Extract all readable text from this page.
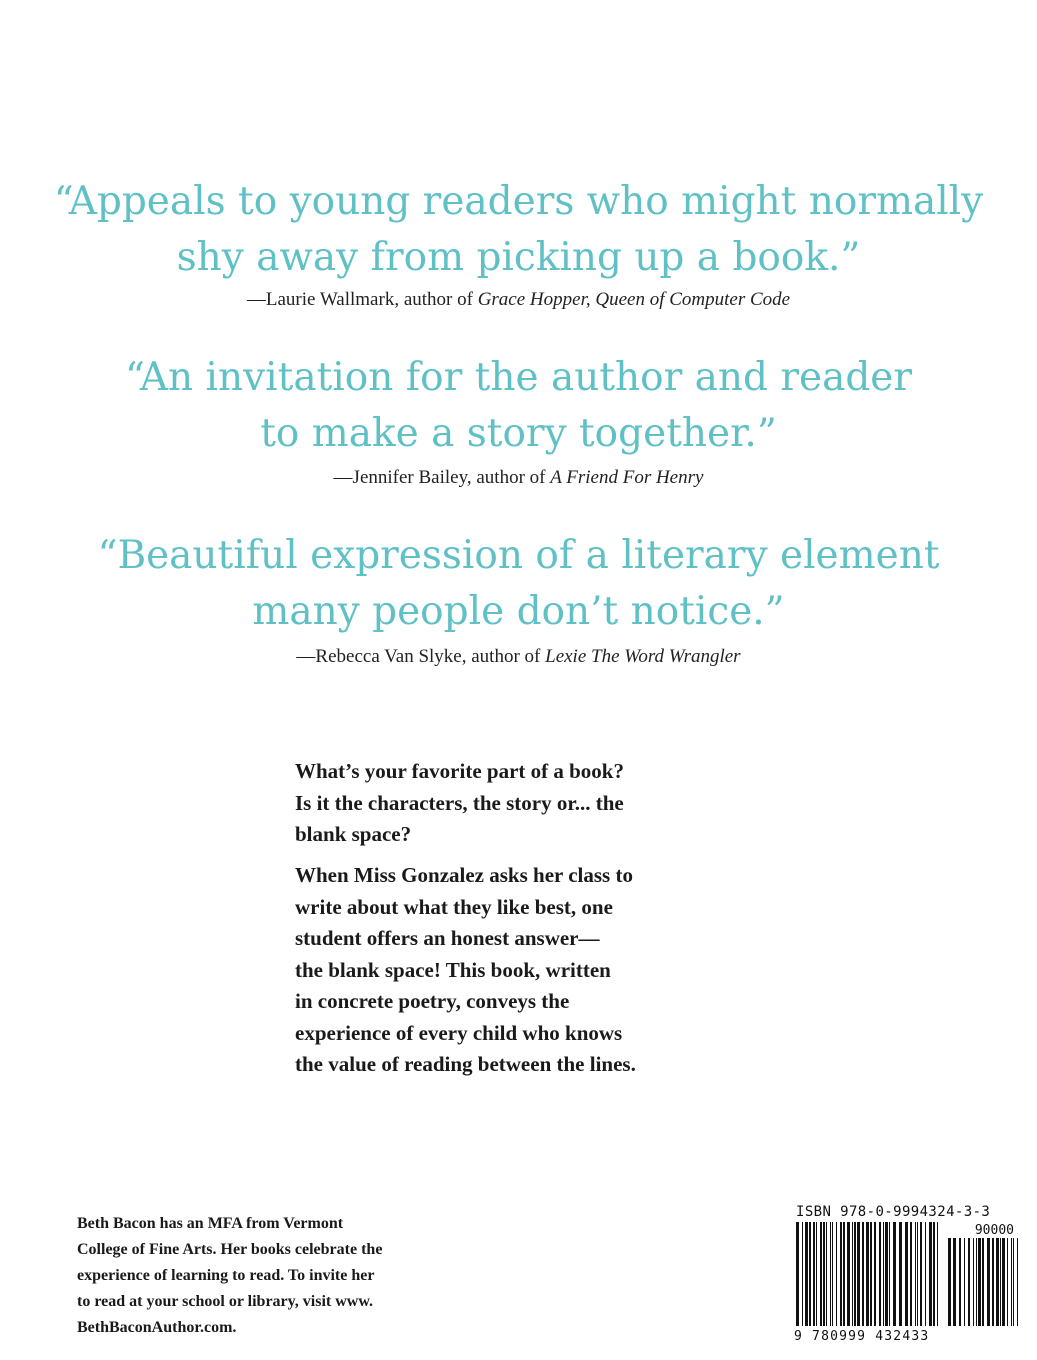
“Appeals to young readers who might normally

shy away from picking up a book.”

—Laurie Wallmark, author of Grace Hopper, Queen of Computer Code

“An invitation for the author and reader

to make a story together.”

—Jennifer Bailey, author of A Friend For Henry

“Beautiful expression of a literary element

many people don’t notice.”

—Rebecca Van Slyke, author of Lexie The Word Wrangler

What’s your favorite part of a book?
Is it the characters, the story or... the
blank space?
When Miss Gonzalez asks her class to
write about what they like best, one
student offers an honest answer—
the blank space! This book, written
in concrete poetry, conveys the
experience of every child who knows
the value of reading between the lines.
Beth Bacon has an MFA from Vermont
College of Fine Arts. Her books celebrate the
experience of learning to read. To invite her
to read at your school or library, visit www.
BethBaconAuthor.com.
ISBN 978-0-9994324-3-3
90000
9 780999 432433
